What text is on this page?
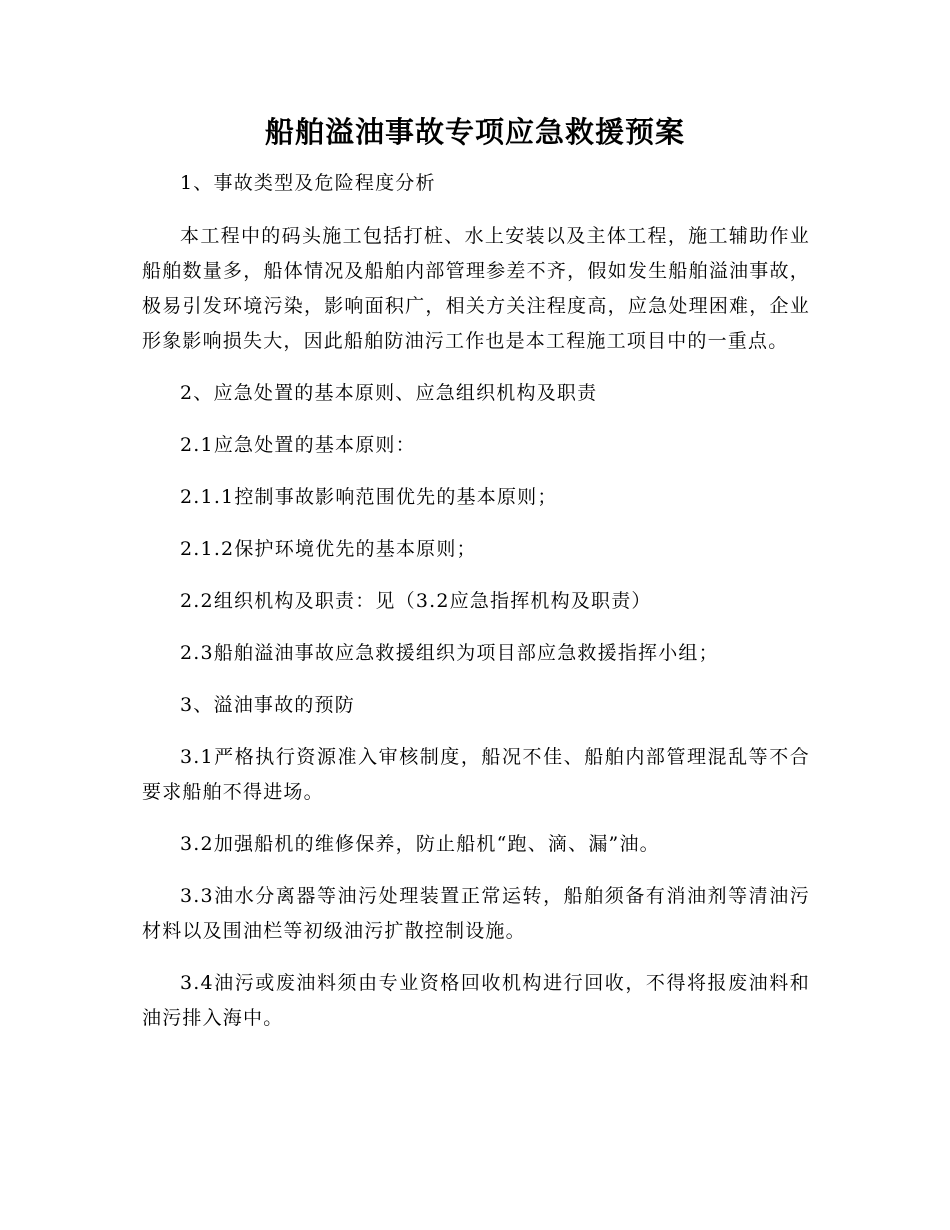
船舶溢油事故专项应急救援预案

1、事故类型及危险程度分析

本工程中的码头施工包括打桩、水上安装以及主体工程，施工辅助作业船舶数量多，船体情况及船舶内部管理参差不齐，假如发生船舶溢油事故，极易引发环境污染，影响面积广，相关方关注程度高，应急处理困难，企业形象影响损失大，因此船舶防油污工作也是本工程施工项目中的一重点。

2、应急处置的基本原则、应急组织机构及职责

2.1应急处置的基本原则：

2.1.1控制事故影响范围优先的基本原则；

2.1.2保护环境优先的基本原则；

2.2组织机构及职责：见（3.2应急指挥机构及职责）

2.3船舶溢油事故应急救援组织为项目部应急救援指挥小组；

3、溢油事故的预防

3.1严格执行资源准入审核制度，船况不佳、船舶内部管理混乱等不合要求船舶不得进场。

3.2加强船机的维修保养，防止船机“跑、滴、漏”油。

3.3油水分离器等油污处理装置正常运转，船舶须备有消油剂等清油污材料以及围油栏等初级油污扩散控制设施。

3.4油污或废油料须由专业资格回收机构进行回收，不得将报废油料和油污排入海中。
